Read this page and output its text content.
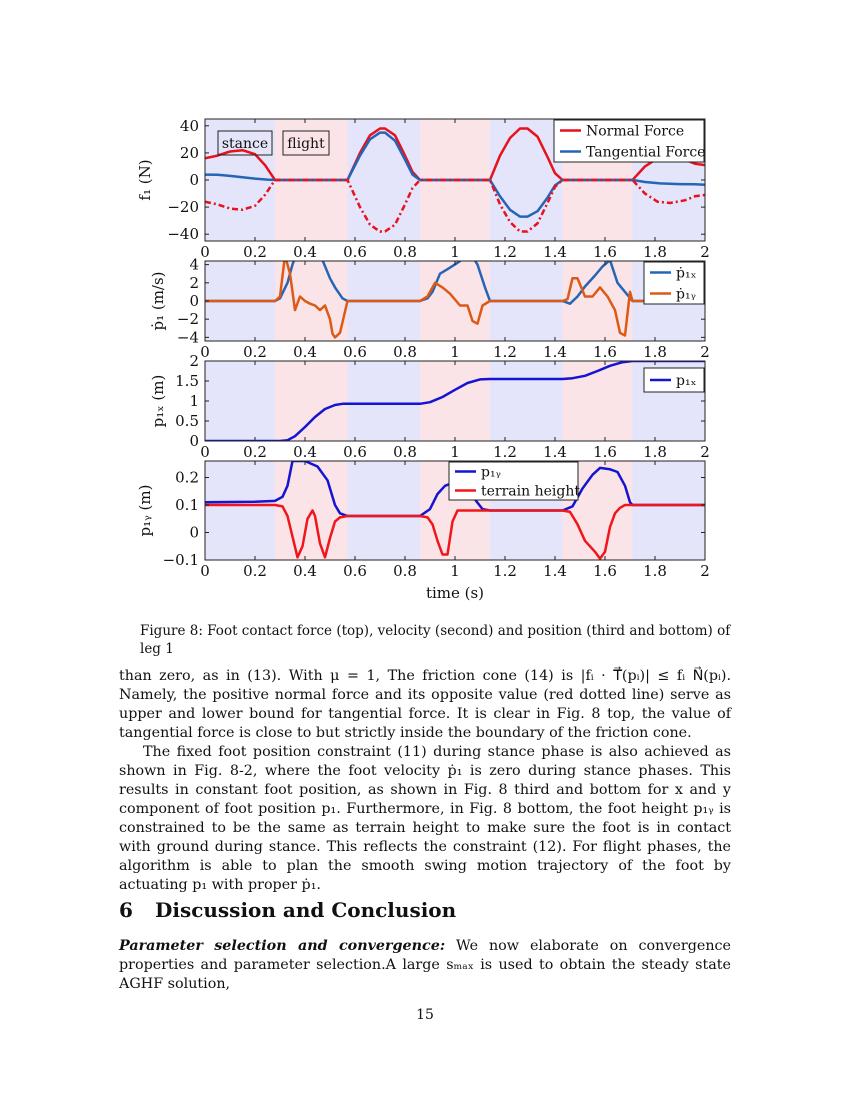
0 0.2 0.4 0.6 0.8 1 1.2 1.4 1.6 1.8 2
40
20
0
−20
−40
f₁ (N)
Normal Force
Tangential Force
stance flight
0 0.2 0.4 0.6 0.8 1 1.2 1.4 1.6 1.8 2
4
2
0
−2
−4
ṗ₁ (m/s)	ṗ₁ₓ
ṗ₁ᵧ
0 0.2 0.4 0.6 0.8 1 1.2 1.4 1.6 1.8 2
2
1.5
1
0.5
0
p₁ₓ (m)	p₁ₓ
0 0.2 0.4 0.6 0.8 1 1.2 1.4 1.6 1.8 2
0.2
0.1
0
−0.1
p₁ᵧ (m)
p₁ᵧ
terrain height
time (s)
Figure 8: Foot contact force (top), velocity (second) and position (third and bottom) of leg 1

than zero, as in (13). With μ = 1, The friction cone (14) is |fᵢ · T⃗(pᵢ)| ≤ fᵢ N⃗(pᵢ). Namely, the positive normal force and its opposite value (red dotted line) serve as upper and lower bound for tangential force. It is clear in Fig. 8 top, the value of tangential force is close to but strictly inside the boundary of the friction cone.

The fixed foot position constraint (11) during stance phase is also achieved as shown in Fig. 8-2, where the foot velocity ṗ₁ is zero during stance phases. This results in constant foot position, as shown in Fig. 8 third and bottom for x and y component of foot position p₁. Furthermore, in Fig. 8 bottom, the foot height p₁ᵧ is constrained to be the same as terrain height to make sure the foot is in contact with ground during stance. This reflects the constraint (12). For flight phases, the algorithm is able to plan the smooth swing motion trajectory of the foot by actuating p₁ with proper ṗ₁.

6 Discussion and Conclusion

Parameter selection and convergence: We now elaborate on convergence properties and parameter selection.A large sₘₐₓ is used to obtain the steady state AGHF solution,

15
